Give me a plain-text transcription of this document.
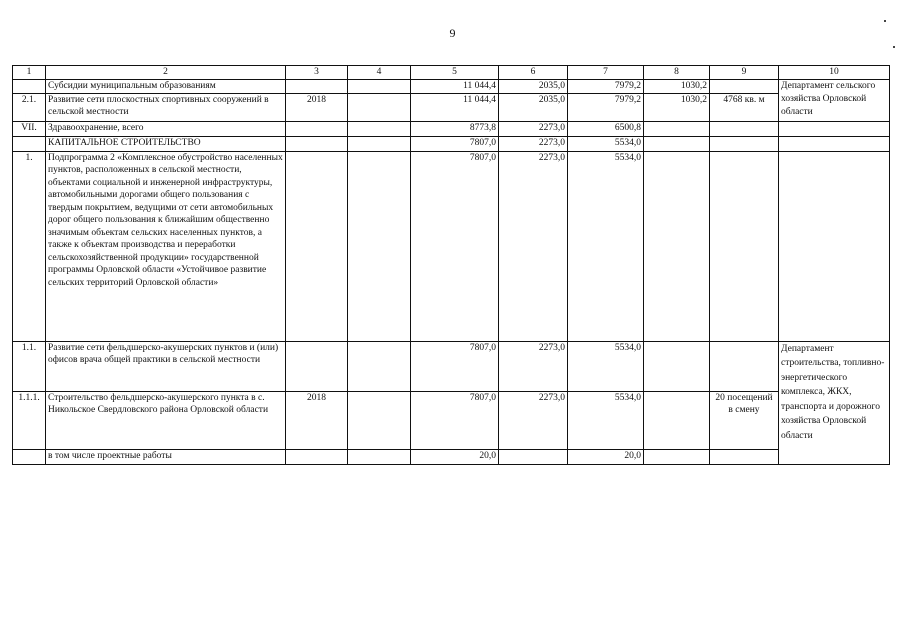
9
1	2	3	4	5	6	7	8	9	10
	Субсидии муниципальным образованиям			11 044,4	2035,0	7979,2	1030,2		Департамент сельского хозяйства Орловской области
2.1.	Развитие сети плоскостных спортивных сооружений в сельской местности	2018		11 044,4	2035,0	7979,2	1030,2	4768 кв. м	
VII.	Здравоохранение, всего			8773,8	2273,0	6500,8			
	КАПИТАЛЬНОЕ СТРОИТЕЛЬСТВО			7807,0	2273,0	5534,0			
1.	Подпрограмма 2 «Комплексное обустройство населенных пунктов, расположенных в сельской местности, объектами социальной и инженерной инфраструктуры, автомобильными дорогами общего пользования с твердым покрытием, ведущими от сети автомобильных дорог общего пользования к ближайшим общественно значимым объектам сельских населенных пунктов, а также к объектам производства и переработки сельскохозяйственной продукции» государственной программы Орловской области «Устойчивое развитие сельских территорий Орловской области»			7807,0	2273,0	5534,0			
1.1.	Развитие сети фельдшерско-акушерских пунктов и (или) офисов врача общей практики в сельской местности			7807,0	2273,0	5534,0			Департамент строительства, топливно-энергетического комплекса, ЖКХ, транспорта и дорожного хозяйства Орловской области
1.1.1.	Строительство фельдшерско-акушерского пункта в с. Никольское Свердловского района Орловской области	2018		7807,0	2273,0	5534,0		20 посещений в смену	
	в том числе проектные работы			20,0		20,0			
